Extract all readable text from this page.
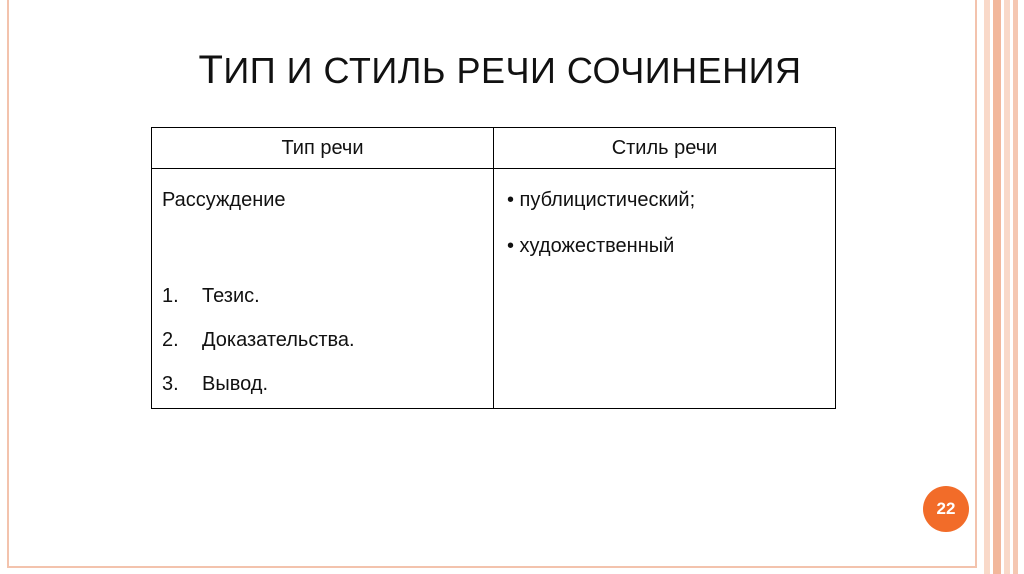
ТИП И СТИЛЬ РЕЧИ СОЧИНЕНИЯ
Тип речи	Стиль речи
Рассуждение
1. Тезис.
2. Доказательства.
3. Вывод.
• публицистический;
• художественный
22
